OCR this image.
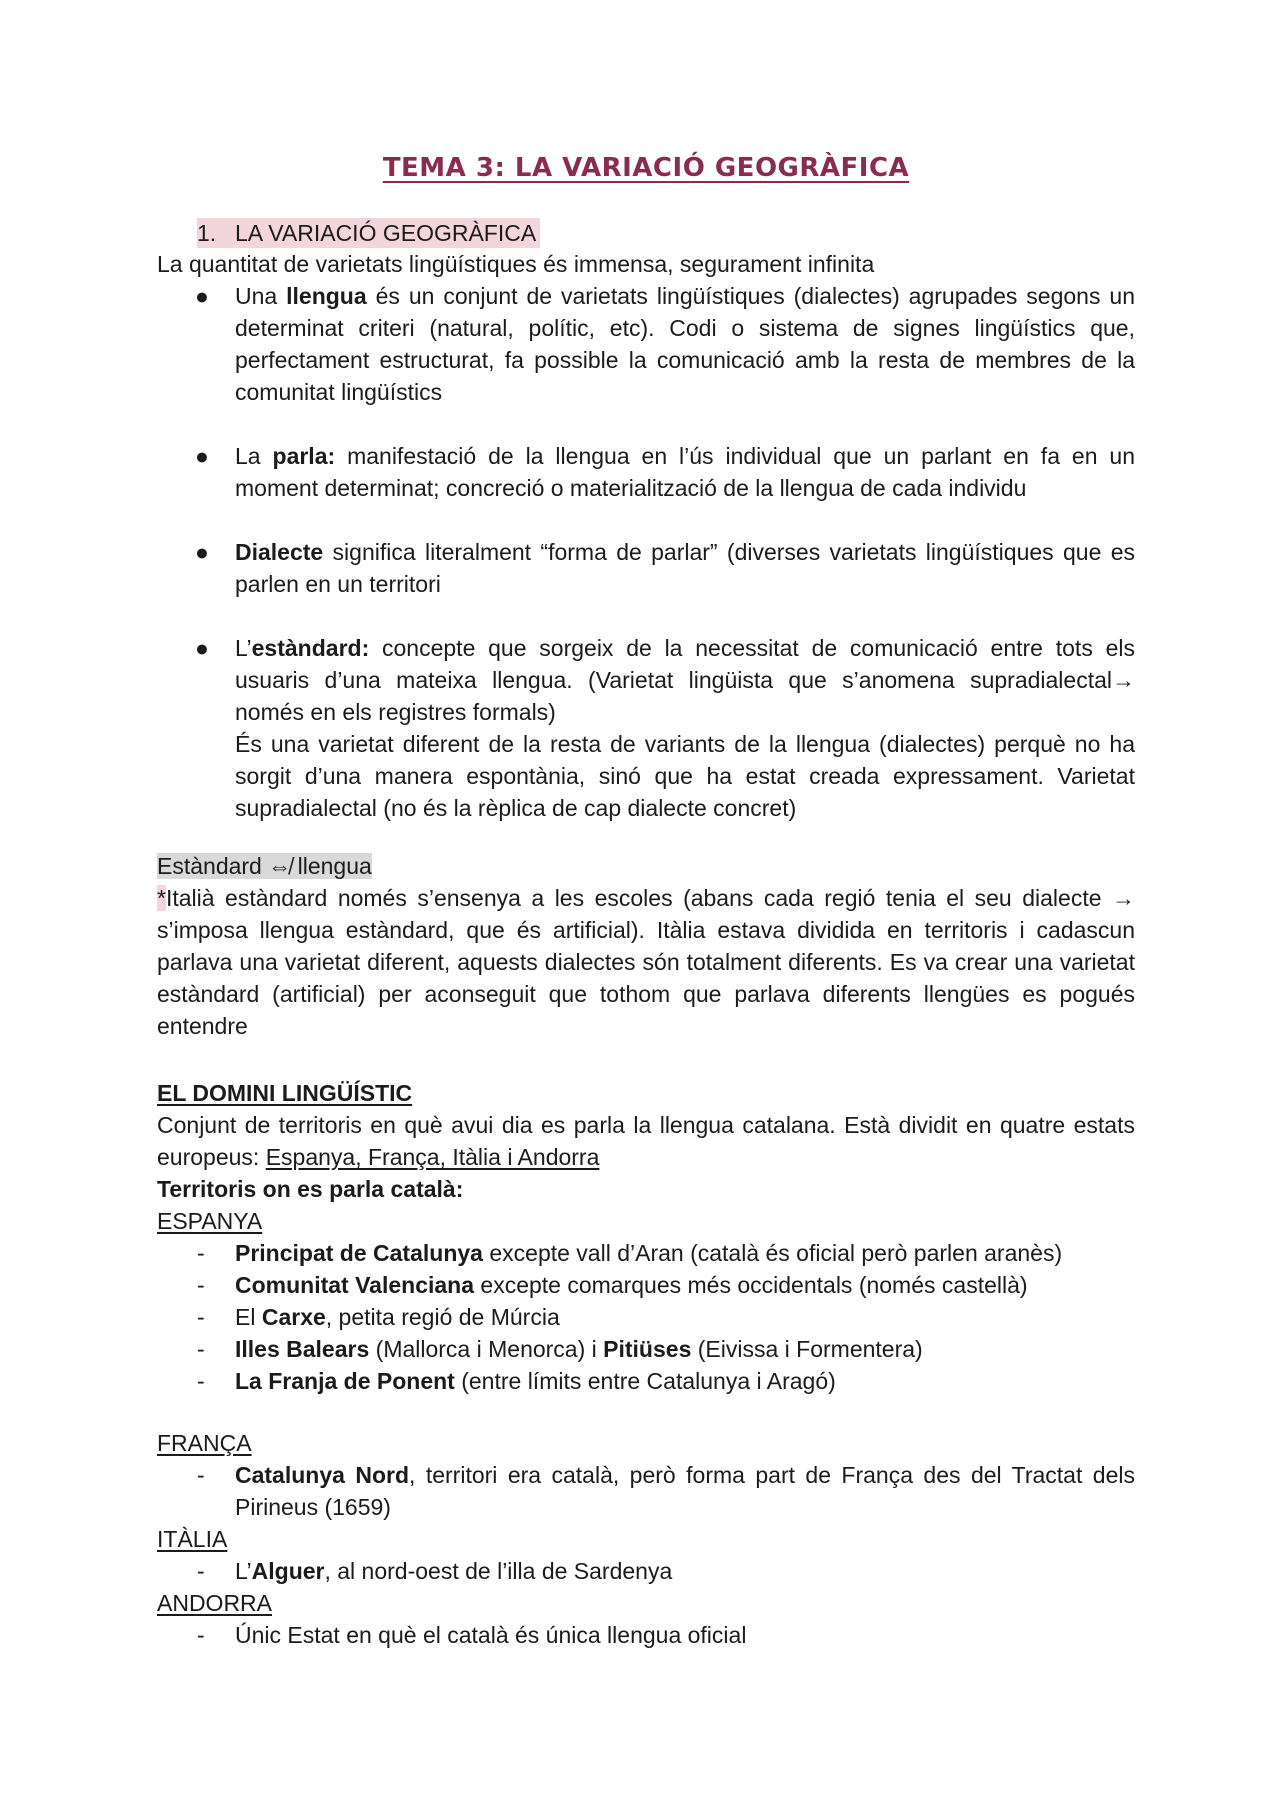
TEMA 3: LA VARIACIÓ GEOGRÀFICA
1. LA VARIACIÓ GEOGRÀFICA

La quantitat de varietats lingüístiques és immensa, segurament infinita

● Una llengua és un conjunt de varietats lingüístiques (dialectes) agrupades segons un determinat criteri (natural, polític, etc). Codi o sistema de signes lingüístics que, perfectament estructurat, fa possible la comunicació amb la resta de membres de la comunitat lingüístics
● La parla: manifestació de la llengua en l’ús individual que un parlant en fa en un moment determinat; concreció o materialització de la llengua de cada individu
● Dialecte significa literalment “forma de parlar” (diverses varietats lingüístiques que es parlen en un territori
● L’estàndard: concepte que sorgeix de la necessitat de comunicació entre tots els usuaris d’una mateixa llengua. (Varietat lingüista que s’anomena supradialectal→ només en els registres formals)
És una varietat diferent de la resta de variants de la llengua (dialectes) perquè no ha sorgit d’una manera espontània, sinó que ha estat creada expressament. Varietat supradialectal (no és la rèplica de cap dialecte concret)
Estàndard ⇎ llengua
*Italià estàndard només s’ensenya a les escoles (abans cada regió tenia el seu dialecte → s’imposa llengua estàndard, que és artificial). Itàlia estava dividida en territoris i cadascun parlava una varietat diferent, aquests dialectes són totalment diferents. Es va crear una varietat estàndard (artificial) per aconseguit que tothom que parlava diferents llengües es pogués entendre
EL DOMINI LINGÜÍSTIC
Conjunt de territoris en què avui dia es parla la llengua catalana. Està dividit en quatre estats europeus: Espanya, França, Itàlia i Andorra
Territoris on es parla català:
ESPANYA
- Principat de Catalunya excepte vall d’Aran (català és oficial però parlen aranès)
- Comunitat Valenciana excepte comarques més occidentals (només castellà)
- El Carxe, petita regió de Múrcia
- Illes Balears (Mallorca i Menorca) i Pitiüses (Eivissa i Formentera)
- La Franja de Ponent (entre límits entre Catalunya i Aragó)
FRANÇA
- Catalunya Nord, territori era català, però forma part de França des del Tractat dels Pirineus (1659)
ITÀLIA
- L’Alguer, al nord-oest de l’illa de Sardenya
ANDORRA
- Únic Estat en què el català és única llengua oficial
